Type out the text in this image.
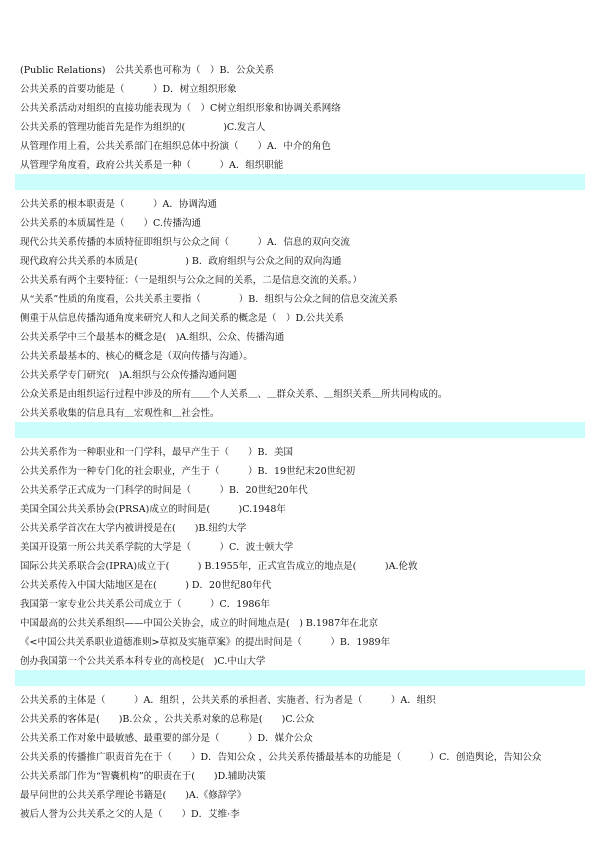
(Public Relations)　公共关系也可称为（　）B．公众关系
公共关系的首要功能是（　　　）D．树立组织形象
公共关系活动对组织的直接功能表现为（　）C树立组织形象和协调关系网络
公共关系的管理功能首先是作为组织的(　　　　)C.发言人
从管理作用上看，公共关系部门在组织总体中扮演（　　）A．中介的角色
从管理学角度看，政府公共关系是一种（　　　）A．组织职能
公共关系的根本职责是（　　　）A．协调沟通
公共关系的本质属性是（　　）C.传播沟通
现代公共关系传播的本质特征即组织与公众之间（　　　）A．信息的双向交流
现代政府公共关系的本质是(　　　　　) B．政府组织与公众之间的双向沟通
公共关系有两个主要特征：（一是组织与公众之间的关系，二是信息交流的关系。）
从“关系”性质的角度看，公共关系主要指（　　　　）B．组织与公众之间的信息交流关系
侧重于从信息传播沟通角度来研究人和人之间关系的概念是（　）D.公共关系
公共关系学中三个最基本的概念是(　)A.组织、公众、传播沟通
公共关系最基本的、核心的概念是（双向传播与沟通）。
公共关系学专门研究(　)A.组织与公众传播沟通问题
公众关系是由组织运行过程中涉及的所有＿＿个人关系＿、＿群众关系、＿组织关系＿所共同构成的。
公共关系收集的信息具有＿宏观性和＿社会性。
公共关系作为一种职业和一门学科，最早产生于（　　）B．美国
公共关系作为一种专门化的社会职业，产生于（　　　）B．19世纪末20世纪初
公共关系学正式成为一门科学的时间是（　　　）B．20世纪20年代
美国全国公共关系协会(PRSA)成立的时间是(　　　)C.1948年
公共关系学首次在大学内被讲授是在(　　)B.纽约大学
美国开设第一所公共关系学院的大学是（　　　）C．波士顿大学
国际公共关系联合会(IPRA)成立于(　　　) B.1955年，正式宣告成立的地点是(　　　)A.伦敦
公共关系传入中国大陆地区是在(　　　) D．20世纪80年代
我国第一家专业公共关系公司成立于（　　　）C．1986年
中国最高的公共关系组织——中国公关协会，成立的时间地点是(　) B.1987年在北京
《<中国公共关系职业道德准则>草拟及实施草案》的提出时间是（　　　）B．1989年
创办我国第一个公共关系本科专业的高校是(　)C.中山大学
公共关系的主体是（　　　）A．组织 ，公共关系的承担者、实施者、行为者是（　　　）A．组织
公共关系的客体是(　　)B.公众 ，公共关系对象的总称是(　　)C.公众
公共关系工作对象中最敏感、最重要的部分是（　　　）D．媒介公众
公共关系的传播推广职责首先在于（　　）D．告知公众 ，公共关系传播最基本的功能是（　　　）C．创造舆论，告知公众
公共关系部门作为“智囊机构”的职责在于(　　)D.辅助决策
最早问世的公共关系学理论书籍是(　　)A.《修辞学》
被后人誉为公共关系之父的人是（　　）D．艾维·李
